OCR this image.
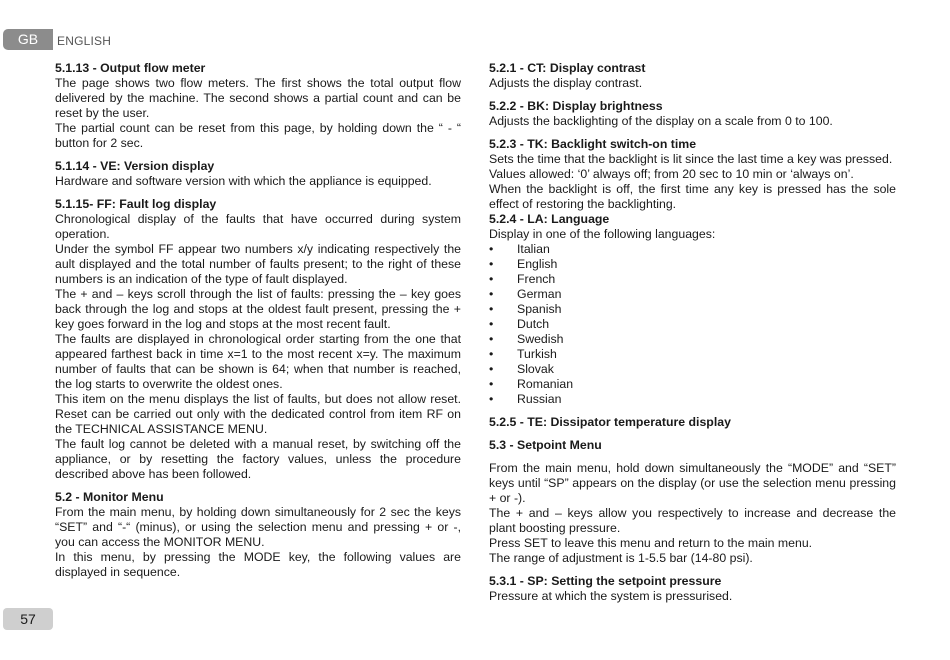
GB	ENGLISH
5.1.13 - Output flow meter
The page shows two flow meters. The first shows the total output flow delivered by the machine. The second shows a partial count and can be reset by the user.
The partial count can be reset from this page, by holding down the “ - “ button for 2 sec.
5.1.14 - VE: Version display
Hardware and software version with which the appliance is equipped.
5.1.15- FF: Fault log display
Chronological display of the faults that have occurred during system operation.
Under the symbol FF appear two numbers x/y indicating respectively the ault displayed and the total number of faults present; to the right of these numbers is an indication of the type of fault displayed.
The + and – keys scroll through the list of faults: pressing the – key goes back through the log and stops at the oldest fault present, pressing the + key goes forward in the log and stops at the most recent fault.
The faults are displayed in chronological order starting from the one that appeared farthest back in time x=1 to the most recent x=y. The maximum number of faults that can be shown is 64; when that number is reached, the log starts to overwrite the oldest ones.
This item on the menu displays the list of faults, but does not allow reset. Reset can be carried out only with the dedicated control from item RF on the TECHNICAL ASSISTANCE MENU.
The fault log cannot be deleted with a manual reset, by switching off the appliance, or by resetting the factory values, unless the procedure described above has been followed.
5.2 - Monitor Menu
From the main menu, by holding down simultaneously for 2 sec the keys “SET” and “-“ (minus), or using the selection menu and pressing + or -, you can access the MONITOR MENU.
In this menu, by pressing the MODE key, the following values are displayed in sequence.
5.2.1 - CT: Display contrast
Adjusts the display contrast.
5.2.2 - BK: Display brightness
Adjusts the backlighting of the display on a scale from 0 to 100.
5.2.3 - TK: Backlight switch-on time
Sets the time that the backlight is lit since the last time a key was pressed.
Values allowed: ‘0’ always off; from 20 sec to 10 min or ‘always on’.
When the backlight is off, the first time any key is pressed has the sole effect of restoring the backlighting.
5.2.4 - LA: Language
Display in one of the following languages:
• Italian
• English
• French
• German
• Spanish
• Dutch
• Swedish
• Turkish
• Slovak
• Romanian
• Russian
5.2.5 - TE: Dissipator temperature display
5.3 - Setpoint Menu
From the main menu, hold down simultaneously the “MODE” and “SET” keys until “SP” appears on the display (or use the selection menu pressing + or -).
The + and – keys allow you respectively to increase and decrease the plant boosting pressure.
Press SET to leave this menu and return to the main menu.
The range of adjustment is 1-5.5 bar (14-80 psi).
5.3.1 - SP: Setting the setpoint pressure
Pressure at which the system is pressurised.
57
